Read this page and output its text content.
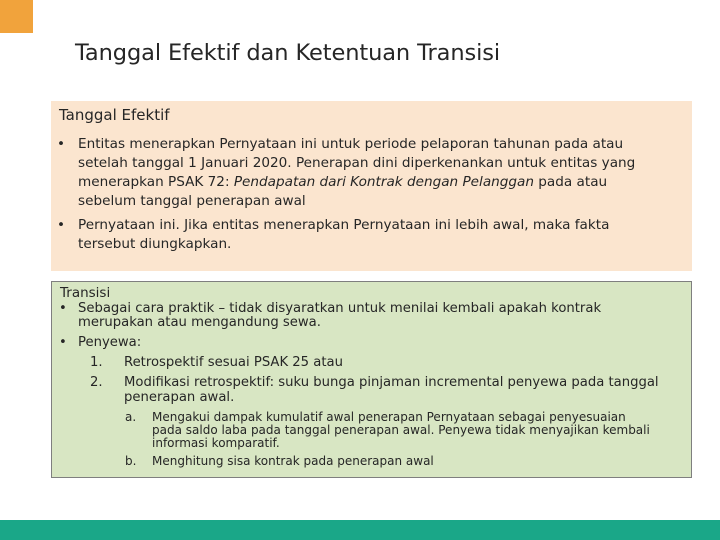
Tanggal Efektif dan Ketentuan Transisi
Tanggal Efektif
• Entitas menerapkan Pernyataan ini untuk periode pelaporan tahunan pada atau
setelah tanggal 1 Januari 2020. Penerapan dini diperkenankan untuk entitas yang
menerapkan PSAK 72: Pendapatan dari Kontrak dengan Pelanggan pada atau
sebelum tanggal penerapan awal
• Pernyataan ini. Jika entitas menerapkan Pernyataan ini lebih awal, maka fakta
tersebut diungkapkan.
Transisi
• Sebagai cara praktik – tidak disyaratkan untuk menilai kembali apakah kontrak
merupakan atau mengandung sewa.
• Penyewa:
1. Retrospektif sesuai PSAK 25 atau
2. Modifikasi retrospektif: suku bunga pinjaman incremental penyewa pada tanggal
penerapan awal.
a. Mengakui dampak kumulatif awal penerapan Pernyataan sebagai penyesuaian
pada saldo laba pada tanggal penerapan awal. Penyewa tidak menyajikan kembali
informasi komparatif.
b. Menghitung sisa kontrak pada penerapan awal
